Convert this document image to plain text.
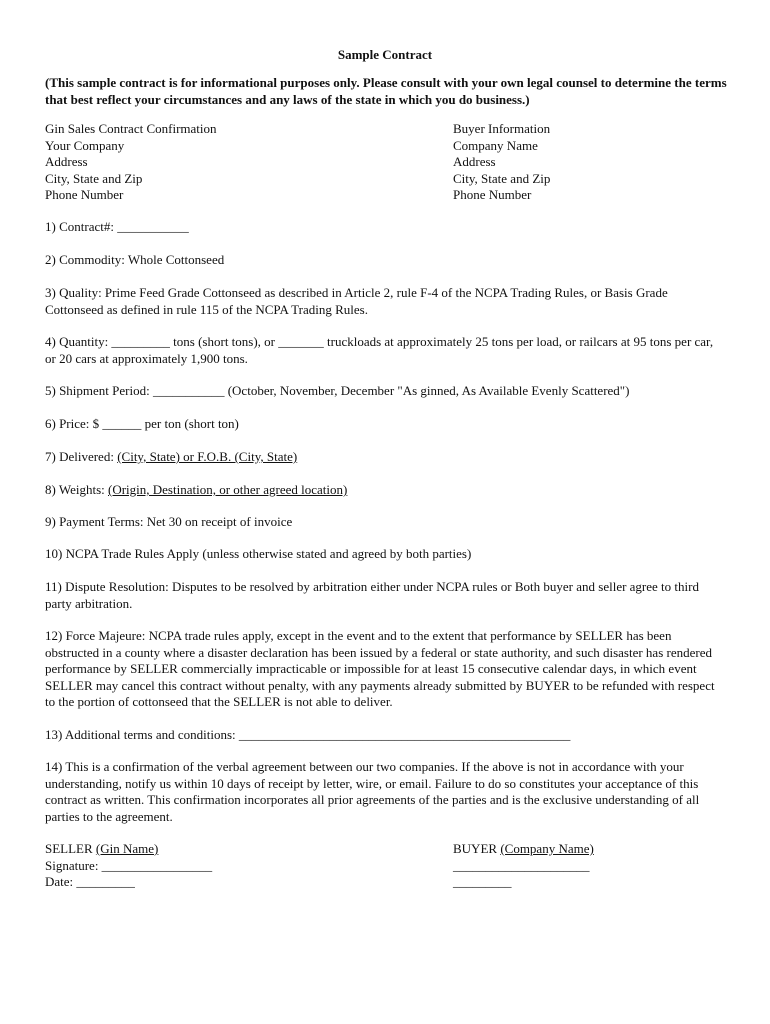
Sample Contract
(This sample contract is for informational purposes only. Please consult with your own legal counsel to determine the terms that best reflect your circumstances and any laws of the state in which you do business.)
Gin Sales Contract Confirmation
Your Company
Address
City, State and Zip
Phone Number
Buyer Information
Company Name
Address
City, State and Zip
Phone Number
1) Contract#: ___________
2) Commodity: Whole Cottonseed
3) Quality: Prime Feed Grade Cottonseed as described in Article 2, rule F-4 of the NCPA Trading Rules, or Basis Grade Cottonseed as defined in rule 115 of the NCPA Trading Rules.
4) Quantity: _________ tons (short tons), or _______ truckloads at approximately 25 tons per load, or railcars at 95 tons per car, or 20 cars at approximately 1,900 tons.
5) Shipment Period: ___________ (October, November, December "As ginned, As Available Evenly Scattered")
6) Price: $ ______ per ton (short ton)
7) Delivered: (City, State) or F.O.B. (City, State)
8) Weights: (Origin, Destination, or other agreed location)
9) Payment Terms: Net 30 on receipt of invoice
10) NCPA Trade Rules Apply (unless otherwise stated and agreed by both parties)
11) Dispute Resolution: Disputes to be resolved by arbitration either under NCPA rules or Both buyer and seller agree to third party arbitration.
12) Force Majeure: NCPA trade rules apply, except in the event and to the extent that performance by SELLER has been obstructed in a county where a disaster declaration has been issued by a federal or state authority, and such disaster has rendered performance by SELLER commercially impracticable or impossible for at least 15 consecutive calendar days, in which event SELLER may cancel this contract without penalty, with any payments already submitted by BUYER to be refunded with respect to the portion of cottonseed that the SELLER is not able to deliver.
13) Additional terms and conditions: ___________________________________________________
14) This is a confirmation of the verbal agreement between our two companies. If the above is not in accordance with your understanding, notify us within 10 days of receipt by letter, wire, or email. Failure to do so constitutes your acceptance of this contract as written. This confirmation incorporates all prior agreements of the parties and is the exclusive understanding of all parties to the agreement.
SELLER (Gin Name)
Signature: _________________
Date: _________
BUYER (Company Name)
_____________________
_________
